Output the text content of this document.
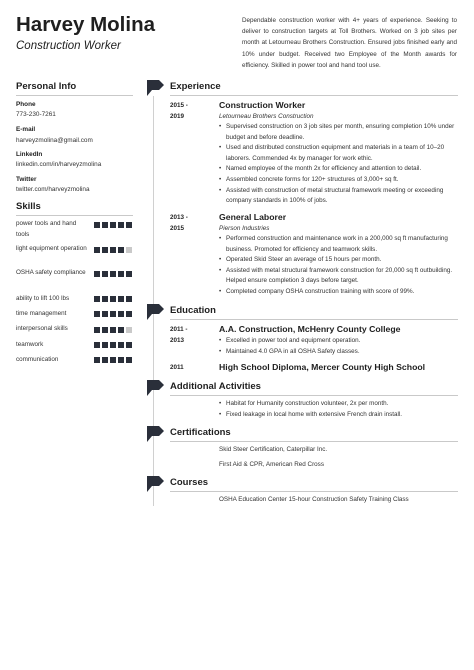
Harvey Molina
Construction Worker
Dependable construction worker with 4+ years of experience. Seeking to deliver to construction targets at Toll Brothers. Worked on 3 job sites per month at Letourneau Brothers Construction. Ensured jobs finished early and 10% under budget. Received two Employee of the Month awards for efficiency. Skilled in power tool and hand tool use.
Personal Info
Phone
773-230-7261
E-mail
harveyzmolina@gmail.com
LinkedIn
linkedin.com/in/harveyzmolina
Twitter
twitter.com/harveyzmolina
Skills
power tools and hand tools
light equipment operation
OSHA safety compliance
ability to lift 100 lbs
time management
interpersonal skills
teamwork
communication
Experience
2015 -
2019
Construction Worker
Letourneau Brothers Construction
• Supervised construction on 3 job sites per month, ensuring completion 10% under budget and before deadline.
• Used and distributed construction equipment and materials in a team of 10–20 laborers. Commended 4x by manager for work ethic.
• Named employee of the month 2x for efficiency and attention to detail.
• Assembled concrete forms for 120+ structures of 3,000+ sq ft.
• Assisted with construction of metal structural framework meeting or exceeding company standards in 100% of jobs.
2013 -
2015
General Laborer
Pierson Industries
• Performed construction and maintenance work in a 200,000 sq ft manufacturing business. Promoted for efficiency and teamwork skills.
• Operated Skid Steer an average of 15 hours per month.
• Assisted with metal structural framework construction for 20,000 sq ft outbuilding. Helped ensure completion 3 days before target.
• Completed company OSHA construction training with score of 99%.
Education
2011 -
2013
A.A. Construction, McHenry County College
• Excelled in power tool and equipment operation.
• Maintained 4.0 GPA in all OSHA Safety classes.
2011	High School Diploma, Mercer County High School
Additional Activities
• Habitat for Humanity construction volunteer, 2x per month.
• Fixed leakage in local home with extensive French drain install.
Certifications
Skid Steer Certification, Caterpillar Inc.
First Aid & CPR, American Red Cross
Courses
OSHA Education Center 15-hour Construction Safety Training Class
